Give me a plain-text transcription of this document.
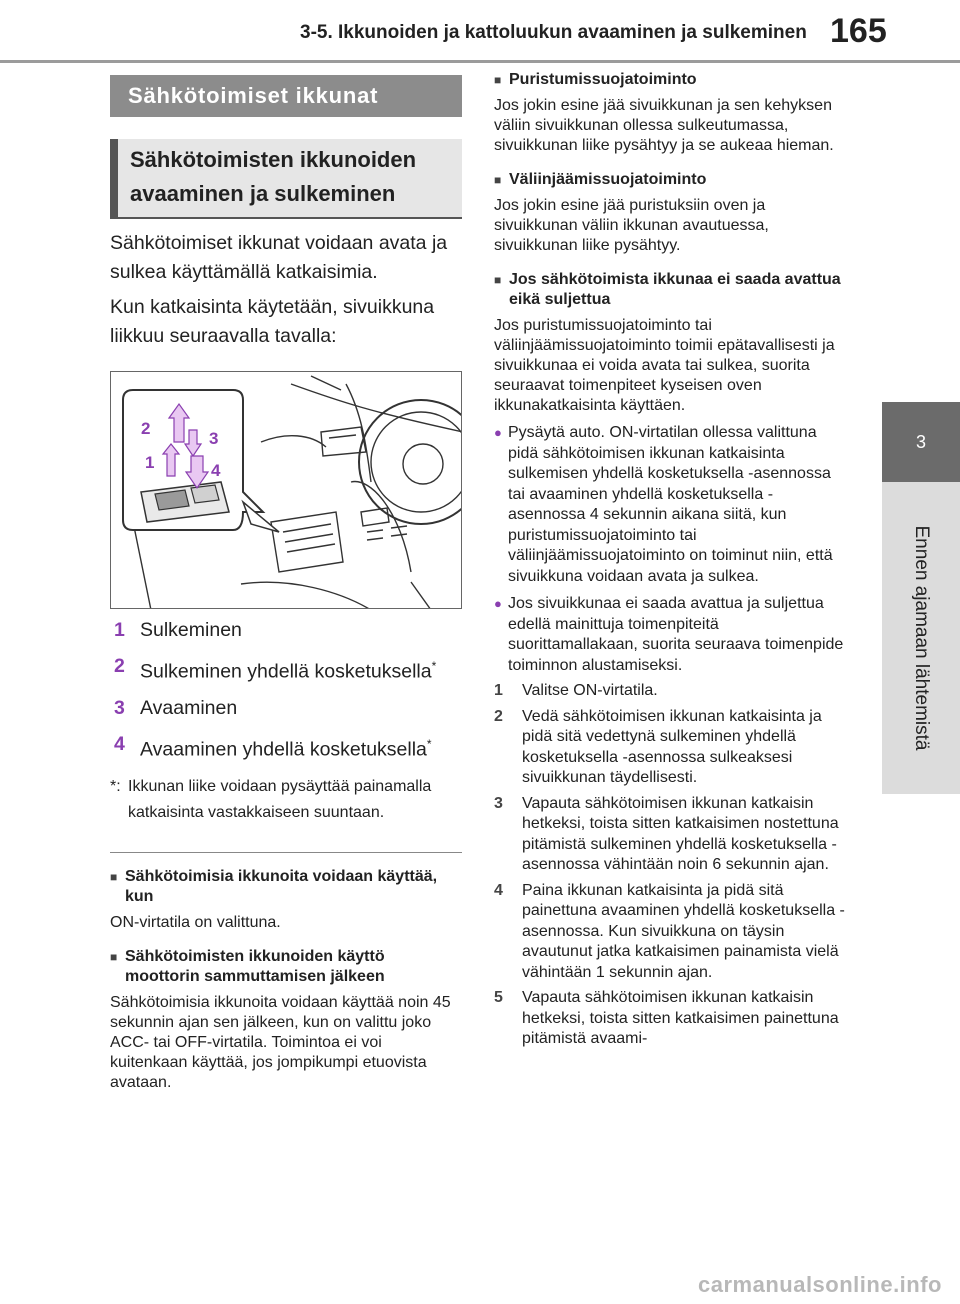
3-5. Ikkunoiden ja kattoluukun avaaminen ja sulkeminen 165
3
Ennen ajamaan lähtemistä
Sähkötoimiset ikkunat
Sähkötoimisten ikkunoiden
avaaminen ja sulkeminen

Sähkötoimiset ikkunat voidaan avata ja sulkea käyttämällä katkaisimia.

Kun katkaisinta käytetään, sivuikkuna liikkuu seuraavalla tavalla:

1
2
3
4
1 Sulkeminen
2 Sulkeminen yhdellä kosketuksella*
3 Avaaminen
4 Avaaminen yhdellä kosketuksella*
*: Ikkunan liike voidaan pysäyttää painamalla katkaisinta vastakkaiseen suuntaan.
■ Sähkötoimisia ikkunoita voidaan käyttää, kun

ON-virtatila on valittuna.

■ Sähkötoimisten ikkunoiden käyttö moottorin sammuttamisen jälkeen

Sähkötoimisia ikkunoita voidaan käyttää noin 45 sekunnin ajan sen jälkeen, kun on valittu joko ACC- tai OFF-virtatila. Toimintoa ei voi kuitenkaan käyttää, jos jompikumpi etuovista avataan.

■ Puristumissuojatoiminto

Jos jokin esine jää sivuikkunan ja sen kehyksen väliin sivuikkunan ollessa sulkeutumassa, sivuikkunan liike pysähtyy ja se aukeaa hieman.

■ Väliinjäämissuojatoiminto

Jos jokin esine jää puristuksiin oven ja sivuikkunan väliin ikkunan avautuessa, sivuikkunan liike pysähtyy.

■ Jos sähkötoimista ikkunaa ei saada avattua eikä suljettua

Jos puristumissuojatoiminto tai väliinjäämissuojatoiminto toimii epätavallisesti ja sivuikkunaa ei voida avata tai sulkea, suorita seuraavat toimenpiteet kyseisen oven ikkunakatkaisinta käyttäen.

● Pysäytä auto. ON-virtatilan ollessa valittuna pidä sähkötoimisen ikkunan katkaisinta sulkemisen yhdellä kosketuksella -asennossa tai avaaminen yhdellä kosketuksella -asennossa 4 sekunnin aikana siitä, kun puristumissuojatoiminto tai väliinjäämissuojatoiminto on toiminut niin, että sivuikkuna voidaan avata ja sulkea.
● Jos sivuikkunaa ei saada avattua ja suljettua edellä mainittuja toimenpiteitä suorittamallakaan, suorita seuraava toimenpide toiminnon alustamiseksi.
1	Valitse ON-virtatila.
2	Vedä sähkötoimisen ikkunan katkaisinta ja pidä sitä vedettynä sulkeminen yhdellä kosketuksella -asennossa sulkeaksesi sivuikkunan täydellisesti.
3	Vapauta sähkötoimisen ikkunan katkaisin hetkeksi, toista sitten katkaisimen nostettuna pitämistä sulkeminen yhdellä kosketuksella -asennossa vähintään noin 6 sekunnin ajan.
4	Paina ikkunan katkaisinta ja pidä sitä painettuna avaaminen yhdellä kosketuksella -asennossa. Kun sivuikkuna on täysin avautunut jatka katkaisimen painamista vielä vähintään 1 sekunnin ajan.
5	Vapauta sähkötoimisen ikkunan katkaisin hetkeksi, toista sitten katkaisimen painettuna pitämistä avaami-
carmanualsonline.info
